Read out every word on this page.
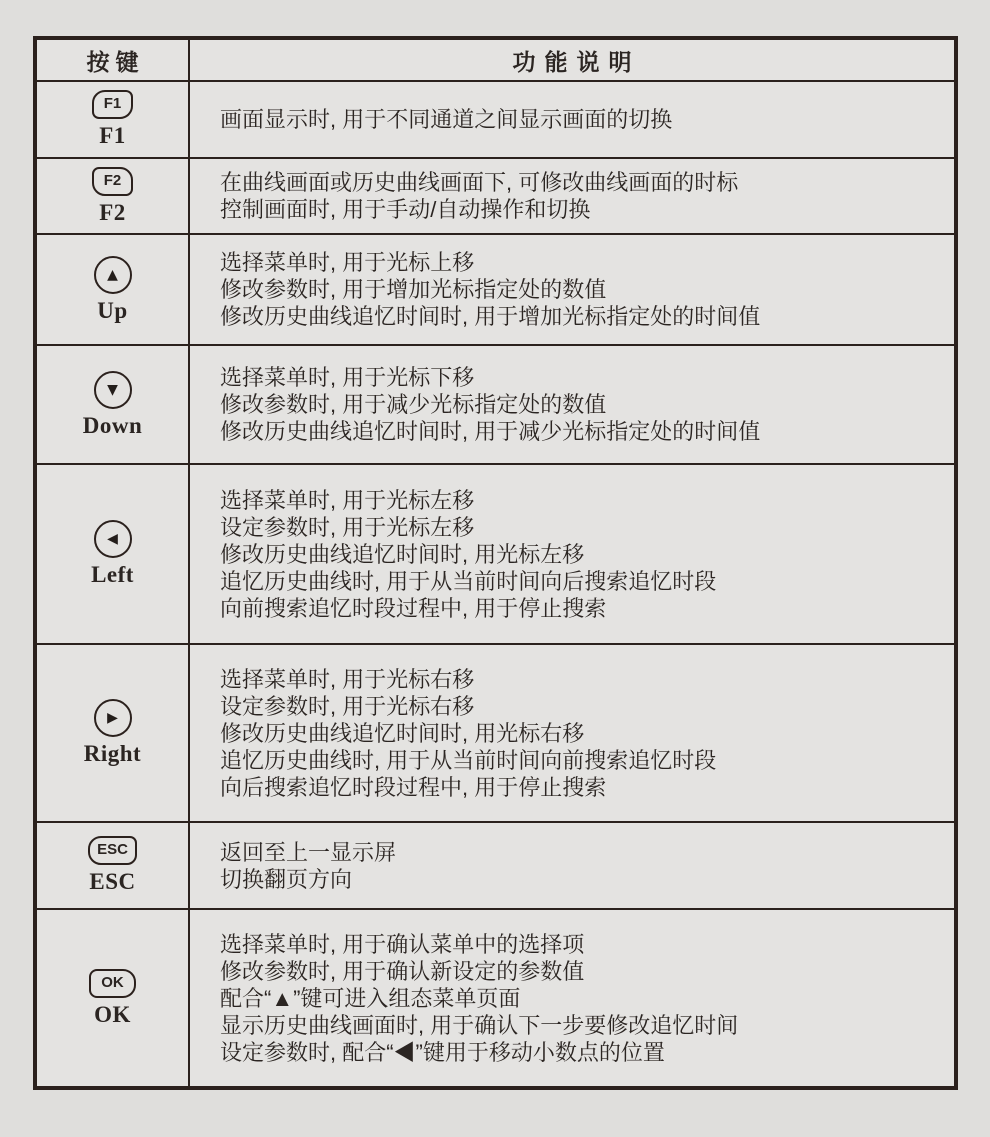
按键	功能说明
F1
F1
画面显示时, 用于不同通道之间显示画面的切换
F2
F2
在曲线画面或历史曲线画面下, 可修改曲线画面的时标
控制画面时, 用于手动/自动操作和切换
▲
Up
选择菜单时, 用于光标上移
修改参数时, 用于增加光标指定处的数值
修改历史曲线追忆时间时, 用于增加光标指定处的时间值
▼
Down
选择菜单时, 用于光标下移
修改参数时, 用于减少光标指定处的数值
修改历史曲线追忆时间时, 用于减少光标指定处的时间值
◀
Left
选择菜单时, 用于光标左移
设定参数时, 用于光标左移
修改历史曲线追忆时间时, 用光标左移
追忆历史曲线时, 用于从当前时间向后搜索追忆时段
向前搜索追忆时段过程中, 用于停止搜索
▶
Right
选择菜单时, 用于光标右移
设定参数时, 用于光标右移
修改历史曲线追忆时间时, 用光标右移
追忆历史曲线时, 用于从当前时间向前搜索追忆时段
向后搜索追忆时段过程中, 用于停止搜索
ESC
ESC
返回至上一显示屏
切换翻页方向
OK
OK
选择菜单时, 用于确认菜单中的选择项
修改参数时, 用于确认新设定的参数值
配合“▲”键可进入组态菜单页面
显示历史曲线画面时, 用于确认下一步要修改追忆时间
设定参数时, 配合“◀”键用于移动小数点的位置
